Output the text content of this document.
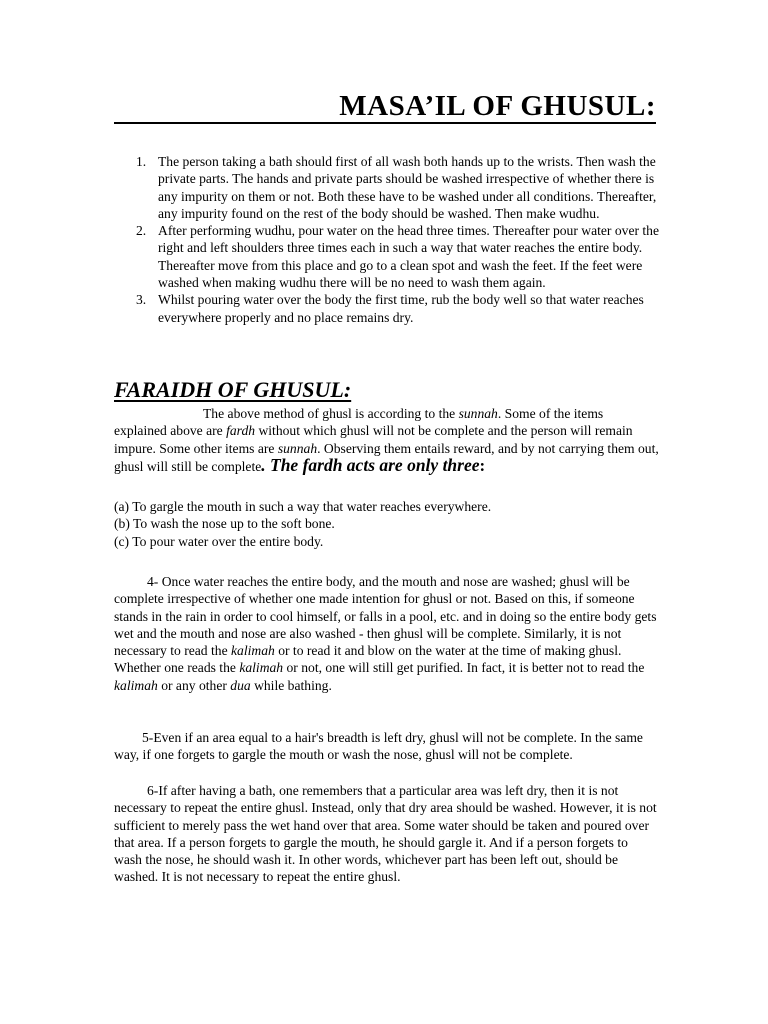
MASA’IL OF GHUSUL:
1. The person taking a bath should first of all wash both hands up to the wrists. Then wash the private parts. The hands and private parts should be washed irrespective of whether there is any impurity on them or not. Both these have to be washed under all conditions. Thereafter, any impurity found on the rest of the body should be washed. Then make wudhu.
2. After performing wudhu, pour water on the head three times. Thereafter pour water over the right and left shoulders three times each in such a way that water reaches the entire body. Thereafter move from this place and go to a clean spot and wash the feet. If the feet were washed when making wudhu there will be no need to wash them again.
3. Whilst pouring water over the body the first time, rub the body well so that water reaches everywhere properly and no place remains dry.
FARAIDH OF GHUSUL:

The above method of ghusl is according to the sunnah. Some of the items explained above are fardh without which ghusl will not be complete and the person will remain impure. Some other items are sunnah. Observing them entails reward, and by not carrying them out, ghusl will still be complete. The fardh acts are only three:

(a) To gargle the mouth in such a way that water reaches everywhere.
(b) To wash the nose up to the soft bone.
(c) To pour water over the entire body.

4- Once water reaches the entire body, and the mouth and nose are washed; ghusl will be complete irrespective of whether one made intention for ghusl or not. Based on this, if someone stands in the rain in order to cool himself, or falls in a pool, etc. and in doing so the entire body gets wet and the mouth and nose are also washed - then ghusl will be complete. Similarly, it is not necessary to read the kalimah or to read it and blow on the water at the time of making ghusl. Whether one reads the kalimah or not, one will still get purified. In fact, it is better not to read the kalimah or any other dua while bathing.

5-Even if an area equal to a hair's breadth is left dry, ghusl will not be complete. In the same way, if one forgets to gargle the mouth or wash the nose, ghusl will not be complete.

6-If after having a bath, one remembers that a particular area was left dry, then it is not necessary to repeat the entire ghusl. Instead, only that dry area should be washed. However, it is not sufficient to merely pass the wet hand over that area. Some water should be taken and poured over that area. If a person forgets to gargle the mouth, he should gargle it. And if a person forgets to wash the nose, he should wash it. In other words, whichever part has been left out, should be washed. It is not necessary to repeat the entire ghusl.
